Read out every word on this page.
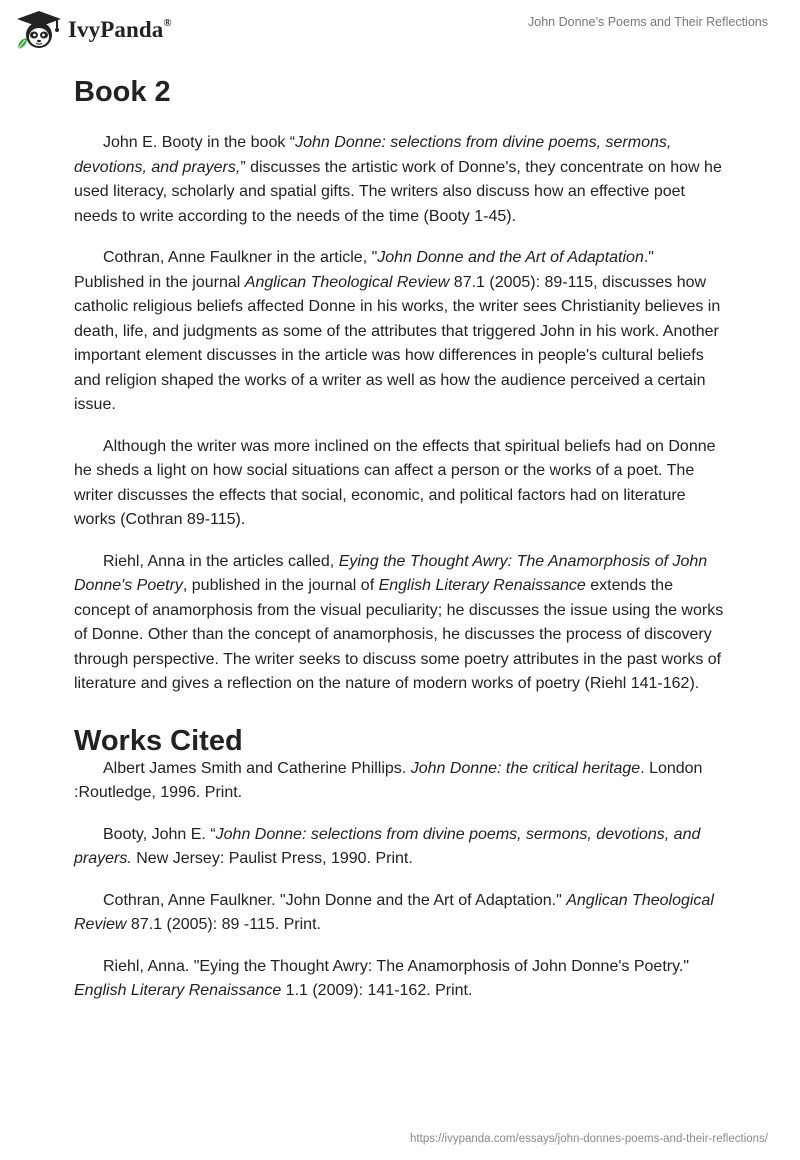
IvyPanda®	John Donne’s Poems and Their Reflections
Book 2

John E. Booty in the book “John Donne: selections from divine poems, sermons, devotions, and prayers,” discusses the artistic work of Donne's, they concentrate on how he used literacy, scholarly and spatial gifts. The writers also discuss how an effective poet needs to write according to the needs of the time (Booty 1-45).

Cothran, Anne Faulkner in the article, "John Donne and the Art of Adaptation." Published in the journal Anglican Theological Review 87.1 (2005): 89-115, discusses how catholic religious beliefs affected Donne in his works, the writer sees Christianity believes in death, life, and judgments as some of the attributes that triggered John in his work. Another important element discusses in the article was how differences in people's cultural beliefs and religion shaped the works of a writer as well as how the audience perceived a certain issue.

Although the writer was more inclined on the effects that spiritual beliefs had on Donne he sheds a light on how social situations can affect a person or the works of a poet. The writer discusses the effects that social, economic, and political factors had on literature works (Cothran 89-115).

Riehl, Anna in the articles called, Eying the Thought Awry: The Anamorphosis of John Donne's Poetry, published in the journal of English Literary Renaissance extends the concept of anamorphosis from the visual peculiarity; he discusses the issue using the works of Donne. Other than the concept of anamorphosis, he discusses the process of discovery through perspective. The writer seeks to discuss some poetry attributes in the past works of literature and gives a reflection on the nature of modern works of poetry (Riehl 141-162).

Works Cited

Albert James Smith and Catherine Phillips. John Donne: the critical heritage. London :Routledge, 1996. Print.

Booty, John E. “John Donne: selections from divine poems, sermons, devotions, and prayers. New Jersey: Paulist Press, 1990. Print.

Cothran, Anne Faulkner. "John Donne and the Art of Adaptation." Anglican Theological Review 87.1 (2005): 89 -115. Print.

Riehl, Anna. "Eying the Thought Awry: The Anamorphosis of John Donne's Poetry." English Literary Renaissance 1.1 (2009): 141-162. Print.

https://ivypanda.com/essays/john-donnes-poems-and-their-reflections/
